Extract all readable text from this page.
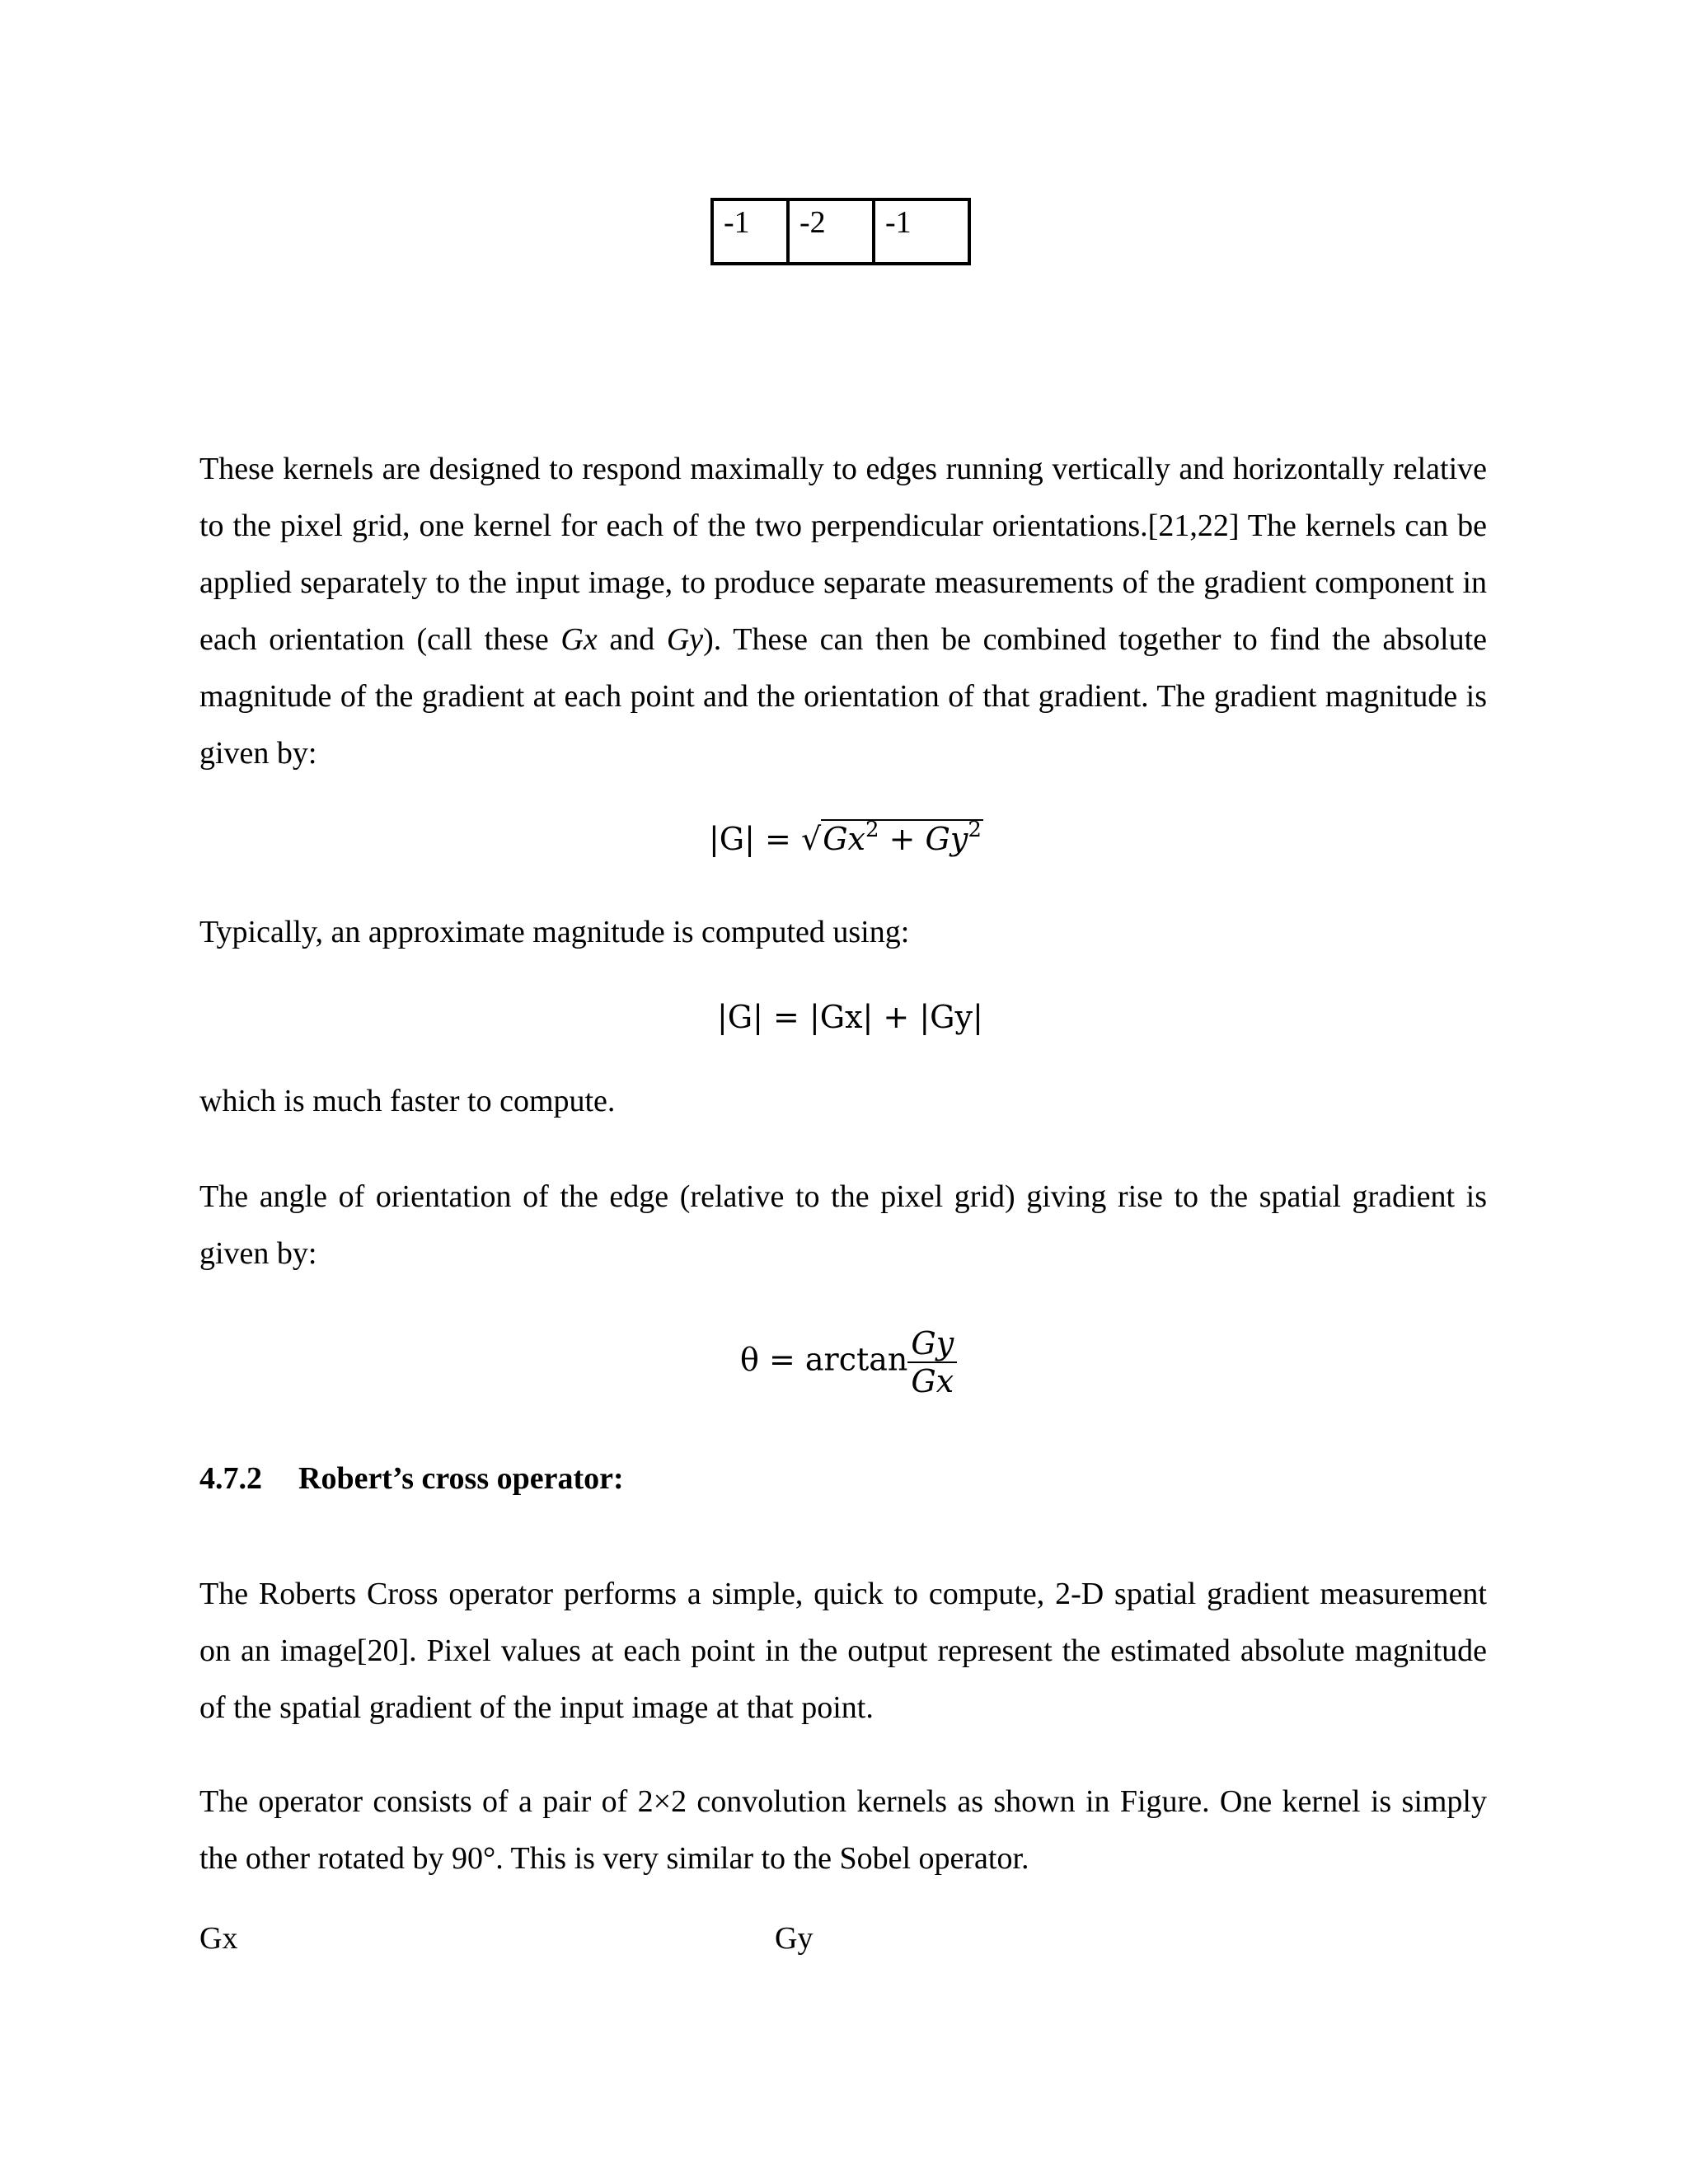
-1	-2	-1

These kernels are designed to respond maximally to edges running vertically and horizontally relative to the pixel grid, one kernel for each of the two perpendicular orientations.[21,22] The kernels can be applied separately to the input image, to produce separate measurements of the gradient component in each orientation (call these Gx and Gy). These can then be combined together to find the absolute magnitude of the gradient at each point and the orientation of that gradient. The gradient magnitude is given by:

$|G| = √Gx^2 + Gy^2$

Typically, an approximate magnitude is computed using:

|G| = |Gx| + |Gy|

which is much faster to compute.

The angle of orientation of the edge (relative to the pixel grid) giving rise to the spatial gradient is given by:

$\theta = \arctan \frac{Gy}{Gx}$
4.7.2 Robert’s cross operator:

The Roberts Cross operator performs a simple, quick to compute, 2-D spatial gradient measurement on an image[20]. Pixel values at each point in the output represent the estimated absolute magnitude of the spatial gradient of the input image at that point.

The operator consists of a pair of 2×2 convolution kernels as shown in Figure. One kernel is simply the other rotated by 90°. This is very similar to the Sobel operator.

Gx	Gy
